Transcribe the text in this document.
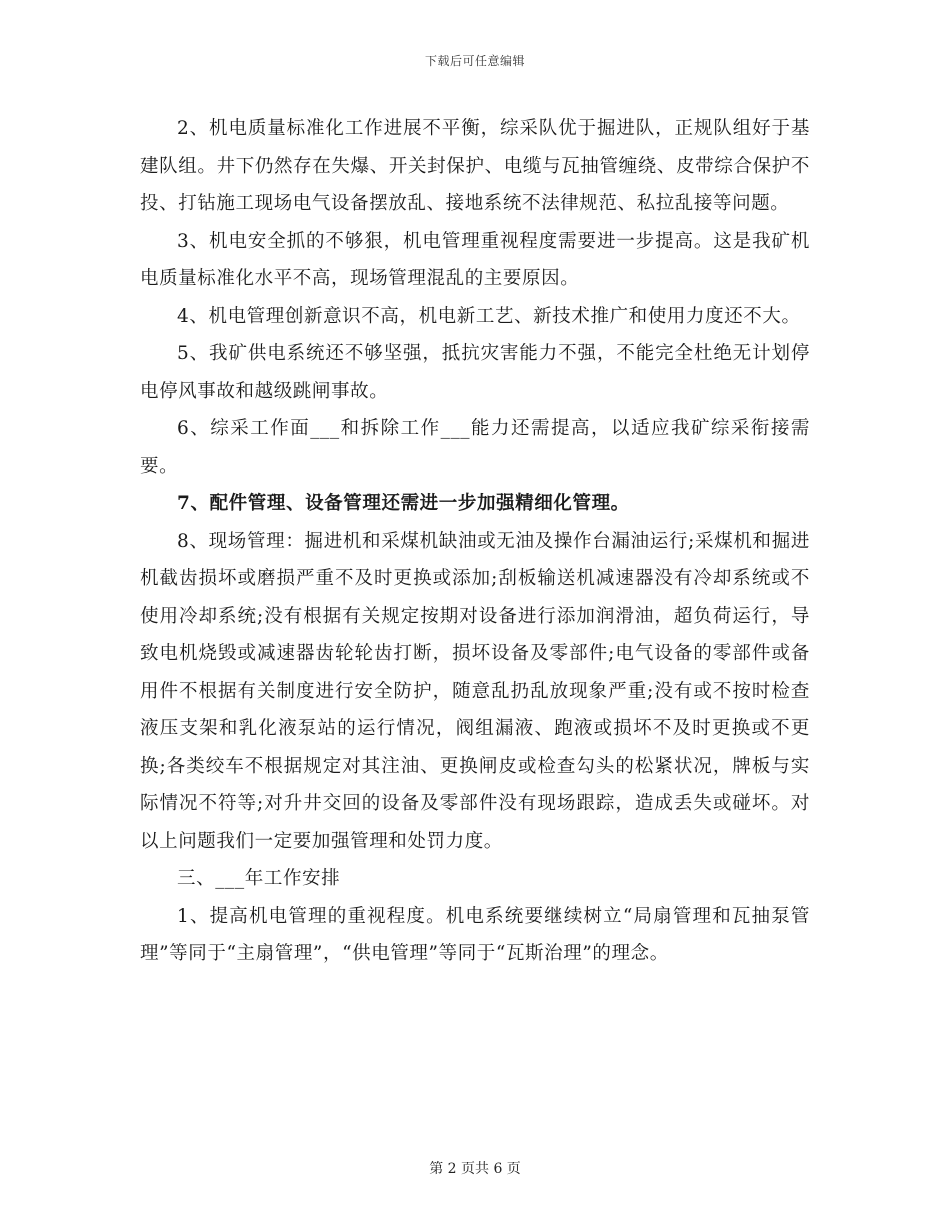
下载后可任意编辑

2、机电质量标准化工作进展不平衡，综采队优于掘进队，正规队组好于基建队组。井下仍然存在失爆、开关封保护、电缆与瓦抽管缠绕、皮带综合保护不投、打钻施工现场电气设备摆放乱、接地系统不法律规范、私拉乱接等问题。

3、机电安全抓的不够狠，机电管理重视程度需要进一步提高。这是我矿机电质量标准化水平不高，现场管理混乱的主要原因。

4、机电管理创新意识不高，机电新工艺、新技术推广和使用力度还不大。

5、我矿供电系统还不够坚强，抵抗灾害能力不强，不能完全杜绝无计划停电停风事故和越级跳闸事故。

6、综采工作面___和拆除工作___能力还需提高，以适应我矿综采衔接需要。

7、配件管理、设备管理还需进一步加强精细化管理。

8、现场管理：掘进机和采煤机缺油或无油及操作台漏油运行;采煤机和掘进机截齿损坏或磨损严重不及时更换或添加;刮板输送机减速器没有冷却系统或不使用冷却系统;没有根据有关规定按期对设备进行添加润滑油，超负荷运行，导致电机烧毁或减速器齿轮轮齿打断，损坏设备及零部件;电气设备的零部件或备用件不根据有关制度进行安全防护，随意乱扔乱放现象严重;没有或不按时检查液压支架和乳化液泵站的运行情况，阀组漏液、跑液或损坏不及时更换或不更换;各类绞车不根据规定对其注油、更换闸皮或检查勾头的松紧状况，牌板与实际情况不符等;对升井交回的设备及零部件没有现场跟踪，造成丢失或碰坏。对以上问题我们一定要加强管理和处罚力度。

三、___年工作安排

1、提高机电管理的重视程度。机电系统要继续树立“局扇管理和瓦抽泵管理”等同于“主扇管理”，“供电管理”等同于“瓦斯治理”的理念。

第 2 页共 6 页
